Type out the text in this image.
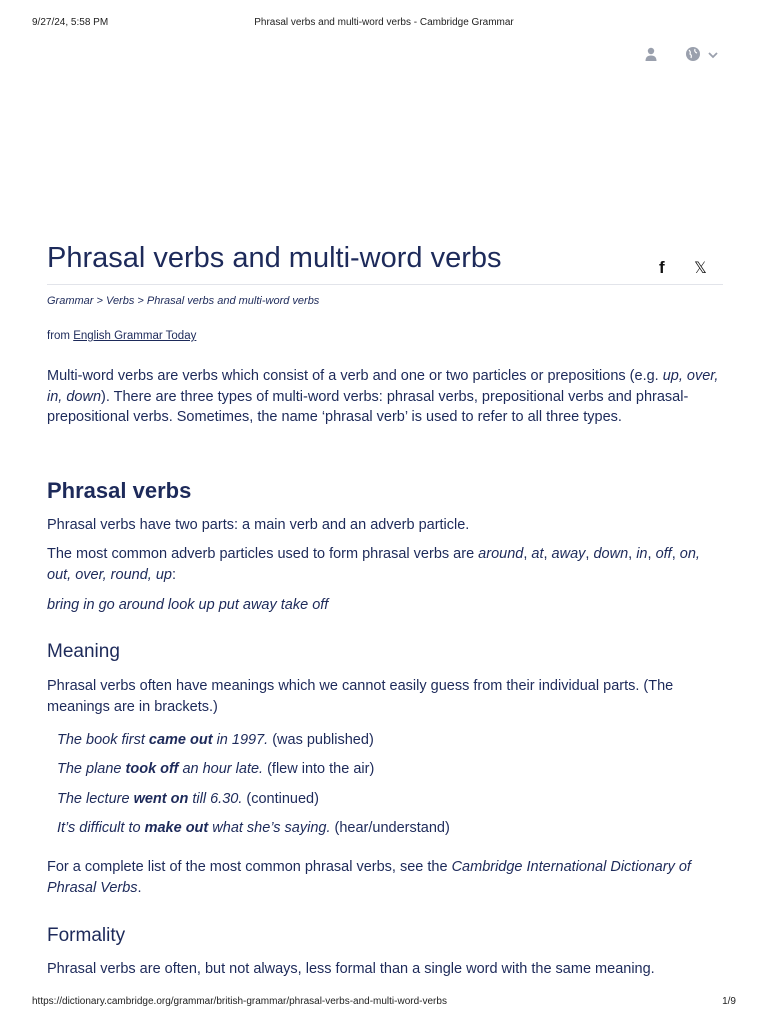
9/27/24, 5:58 PM	Phrasal verbs and multi-word verbs - Cambridge Grammar
Phrasal verbs and multi-word verbs	f 𝕏
Grammar > Verbs > Phrasal verbs and multi-word verbs
from English Grammar Today

Multi-word verbs are verbs which consist of a verb and one or two particles or prepositions (e.g. up, over, in, down). There are three types of multi-word verbs: phrasal verbs, prepositional verbs and phrasal-prepositional verbs. Sometimes, the name ‘phrasal verb’ is used to refer to all three types.

Phrasal verbs

Phrasal verbs have two parts: a main verb and an adverb particle.

The most common adverb particles used to form phrasal verbs are around, at, away, down, in, off, on, out, over, round, up:

bring in go around look up put away take off

Meaning

Phrasal verbs often have meanings which we cannot easily guess from their individual parts. (The meanings are in brackets.)

The book first came out in 1997. (was published)

The plane took off an hour late. (flew into the air)

The lecture went on till 6.30. (continued)

It’s difficult to make out what she’s saying. (hear/understand)

For a complete list of the most common phrasal verbs, see the Cambridge International Dictionary of Phrasal Verbs.

Formality

Phrasal verbs are often, but not always, less formal than a single word with the same meaning.

https://dictionary.cambridge.org/grammar/british-grammar/phrasal-verbs-and-multi-word-verbs	1/9
